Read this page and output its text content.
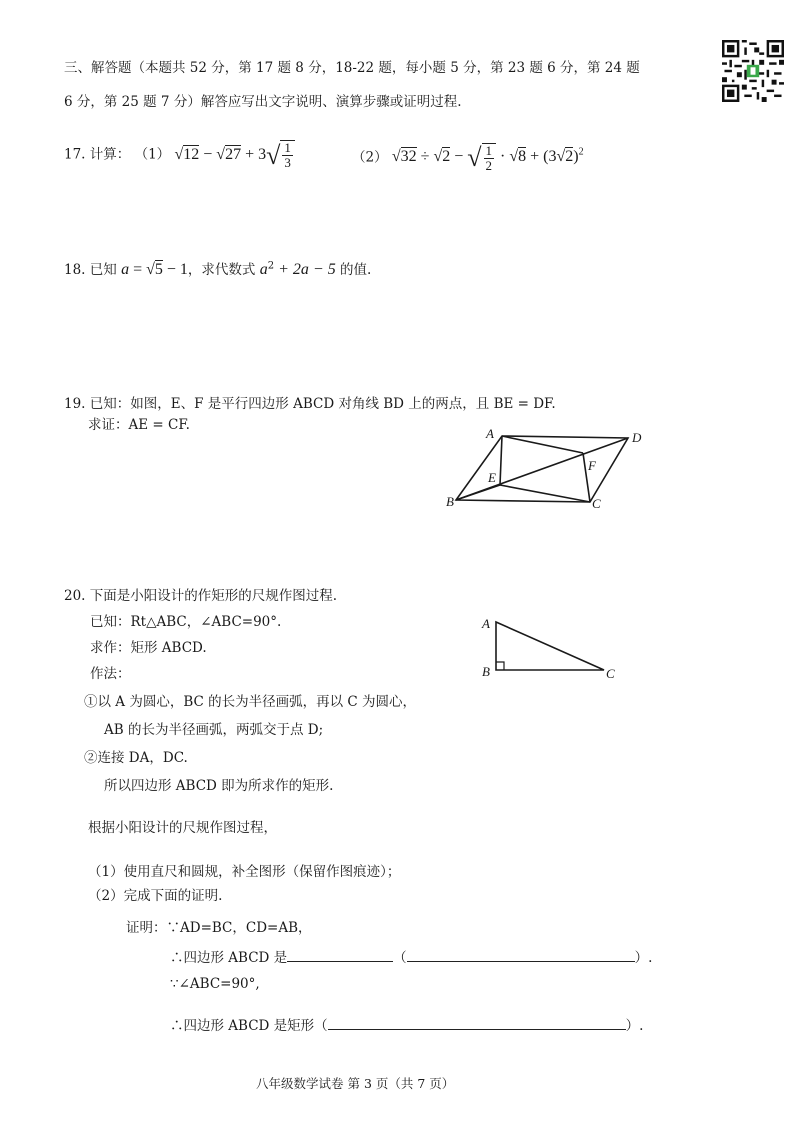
三、解答题（本题共 52 分，第 17 题 8 分，18-22 题，每小题 5 分，第 23 题 6 分，第 24 题
6 分，第 25 题 7 分）解答应写出文字说明、演算步骤或证明过程.
17. 计算： （1） $√12 - √27 + 3√ \frac{1}{3}$	（2） √32 ÷ √2 − √ $\frac{1}{2} \cdot √8 + (3√2)^2$
18. 已知 a = √5 − 1，求代数式 $a^2 + 2a - 5$ 的值.
19. 已知：如图，E、F 是平行四边形 ABCD 对角线 BD 上的两点，且 BE = DF.
求证：AE = CF.
A
B	C
D
E
F
20. 下面是小阳设计的作矩形的尺规作图过程.
已知：Rt△ABC，∠ABC=90°.
求作：矩形 ABCD.
作法：
①以 A 为圆心，BC 的长为半径画弧，再以 C 为圆心，
AB 的长为半径画弧，两弧交于点 D;
②连接 DA，DC.
所以四边形 ABCD 即为所求作的矩形.
A
B	C
根据小阳设计的尺规作图过程，
（1）使用直尺和圆规，补全图形（保留作图痕迹）；
（2）完成下面的证明.
证明：∵AD=BC，CD=AB，
∴四边形 ABCD 是	（	）.
∵∠ABC=90°,
∴四边形 ABCD 是矩形（	）.
八年级数学试卷 第 3 页（共 7 页）
